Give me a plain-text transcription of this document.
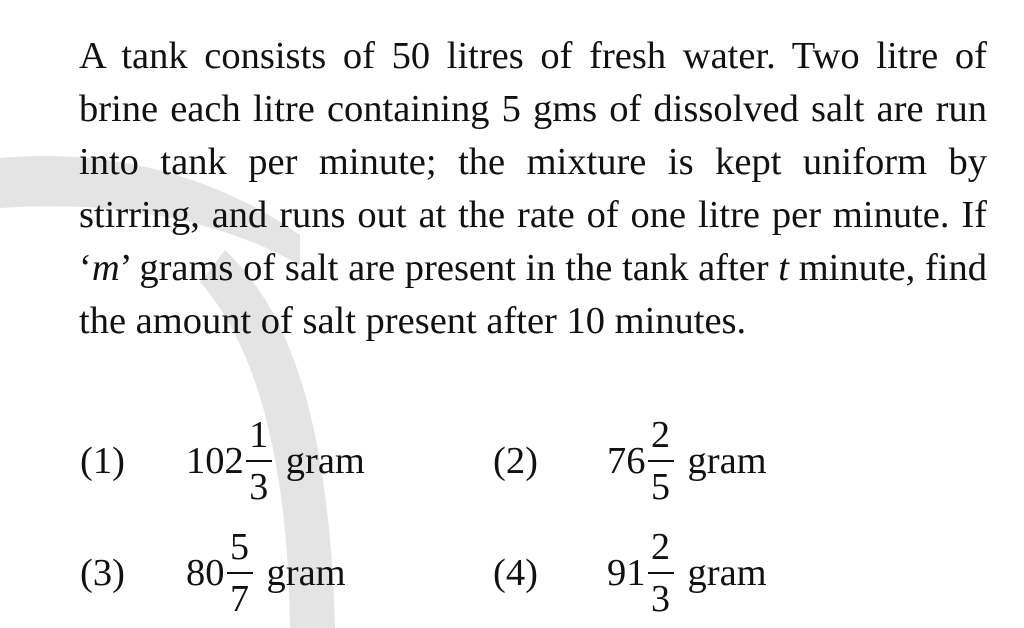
A tank consists of 50 litres of fresh water. Two litre of brine each litre containing 5 gms of dissolved salt are run into tank per minute; the mixture is kept uniform by stirring, and runs out at the rate of one litre per minute. If ‘m’ grams of salt are present in the tank after t minute, find the amount of salt present after 10 minutes.

(1)	$102 \frac{1}{3}$ gram	(2)	$76 \frac{2}{5}$ gram
(3)	$80 \frac{5}{7}$ gram	(4)	$91 \frac{2}{3}$ gram
